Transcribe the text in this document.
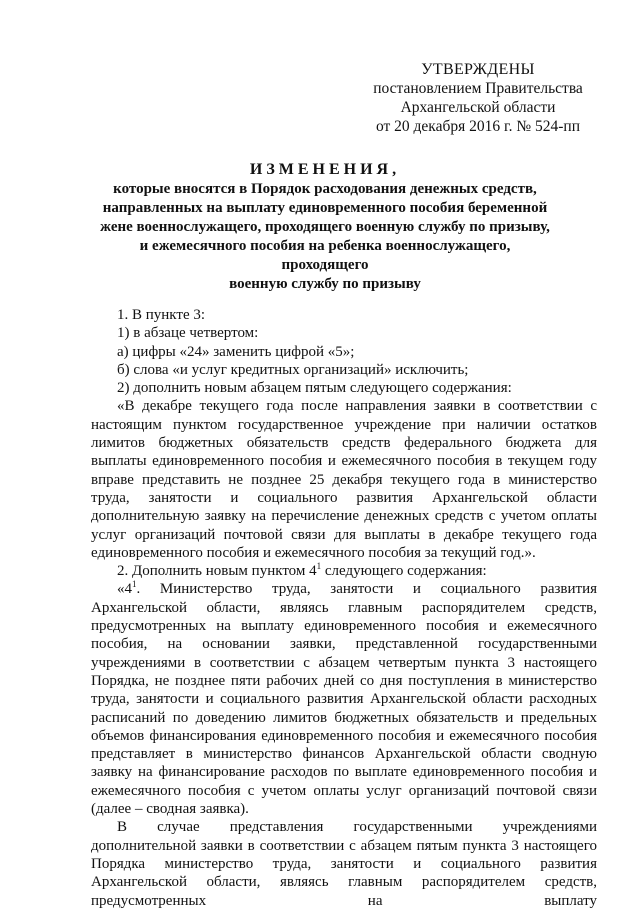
УТВЕРЖДЕНЫ
постановлением Правительства
Архангельской области
от 20 декабря 2016 г. № 524-пп
ИЗМЕНЕНИЯ,
которые вносятся в Порядок расходования денежных средств,
направленных на выплату единовременного пособия беременной
жене военнослужащего, проходящего военную службу по призыву,
и ежемесячного пособия на ребенка военнослужащего, проходящего
военную службу по призыву

1. В пункте 3:

1) в абзаце четвертом:

а) цифры «24» заменить цифрой «5»;

б) слова «и услуг кредитных организаций» исключить;

2) дополнить новым абзацем пятым следующего содержания:

«В декабре текущего года после направления заявки в соответствии с настоящим пунктом государственное учреждение при наличии остатков лимитов бюджетных обязательств средств федерального бюджета для выплаты единовременного пособия и ежемесячного пособия в текущем году вправе представить не позднее 25 декабря текущего года в министерство труда, занятости и социального развития Архангельской области дополнительную заявку на перечисление денежных средств с учетом оплаты услуг организаций почтовой связи для выплаты в декабре текущего года единовременного пособия и ежемесячного пособия за текущий год.».

2. Дополнить новым пунктом $4^1$ следующего содержания:

«$4^1$. Министерство труда, занятости и социального развития Архангельской области, являясь главным распорядителем средств, предусмотренных на выплату единовременного пособия и ежемесячного пособия, на основании заявки, представленной государственными учреждениями в соответствии с абзацем четвертым пункта 3 настоящего Порядка, не позднее пяти рабочих дней со дня поступления в министерство труда, занятости и социального развития Архангельской области расходных расписаний по доведению лимитов бюджетных обязательств и предельных объемов финансирования единовременного пособия и ежемесячного пособия представляет в министерство финансов Архангельской области сводную заявку на финансирование расходов по выплате единовременного пособия и ежемесячного пособия с учетом оплаты услуг организаций почтовой связи (далее – сводная заявка).

В случае представления государственными учреждениями дополнительной заявки в соответствии с абзацем пятым пункта 3 настоящего Порядка министерство труда, занятости и социального развития Архангельской области, являясь главным распорядителем средств, предусмотренных на выплату
